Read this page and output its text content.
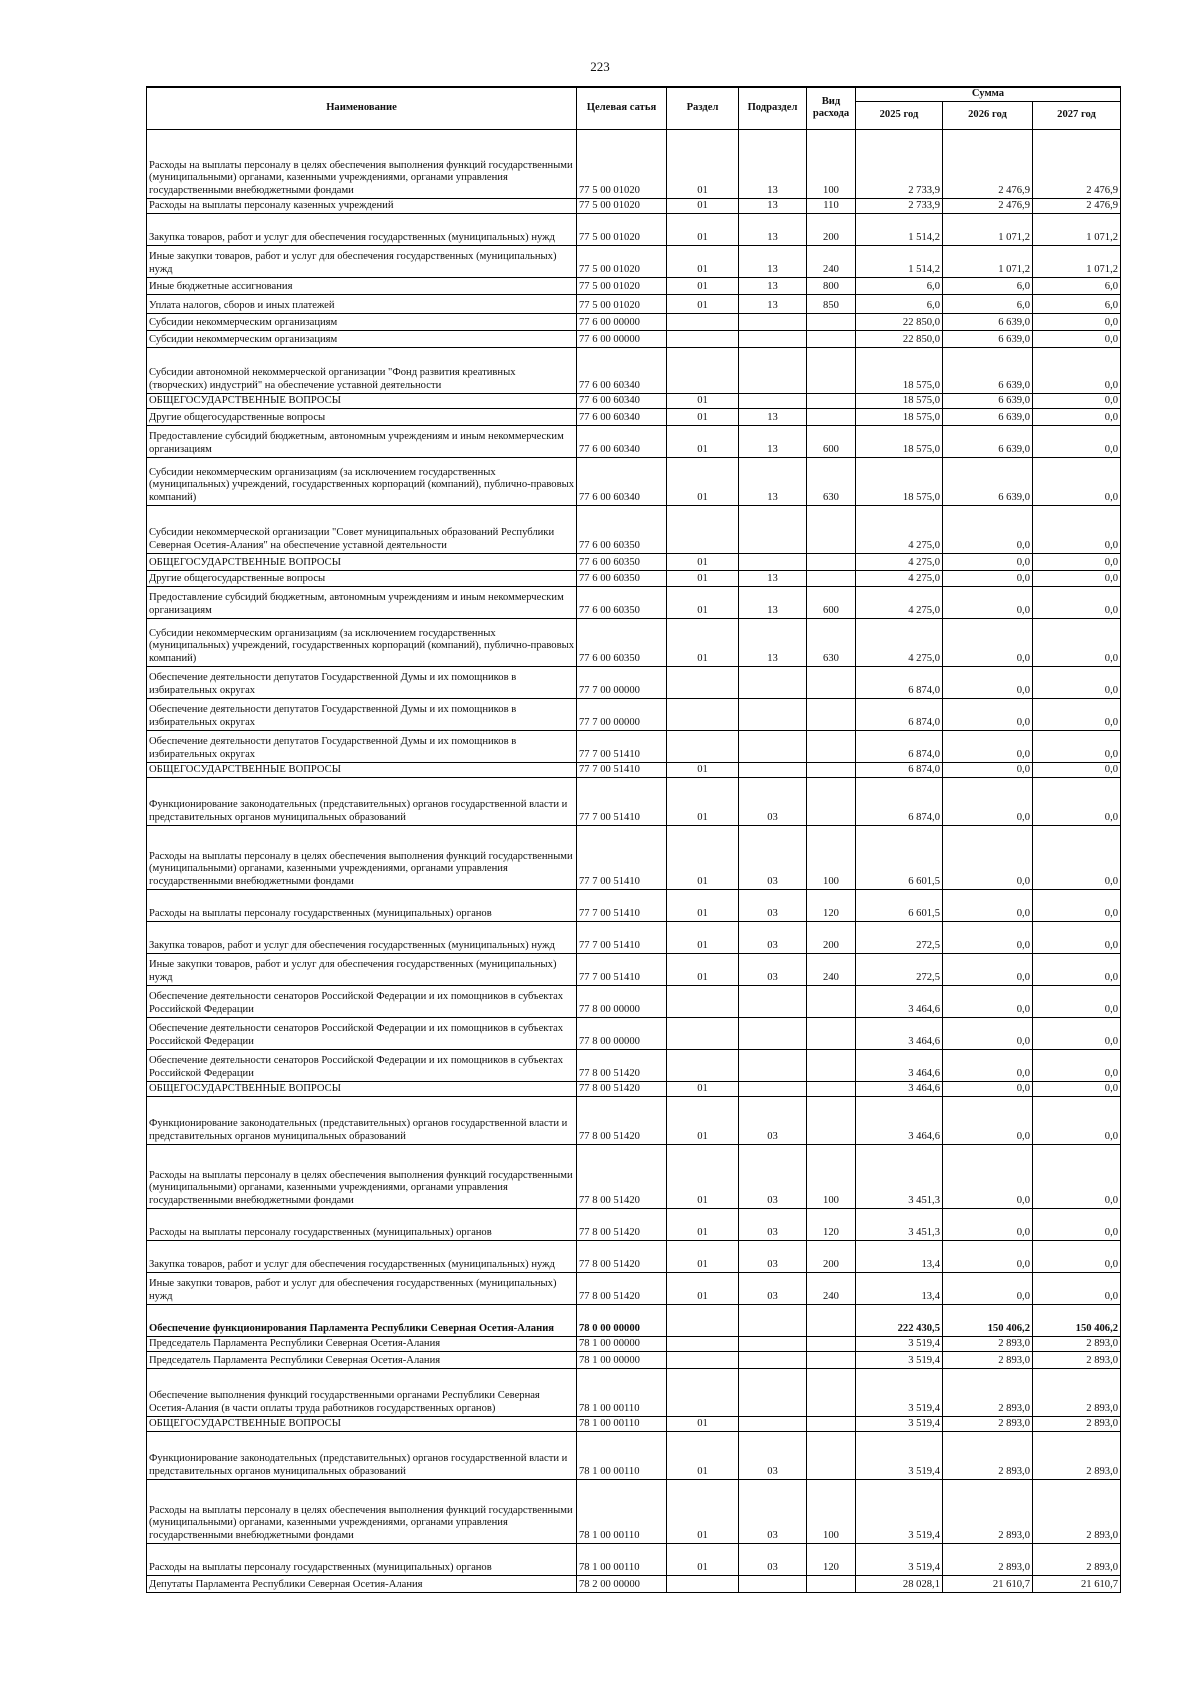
223
Наименование	Целевая сатья	Раздел	Подраздел	Вид расхода	Сумма		
					2025 год	2026 год	2027 год
Расходы на выплаты персоналу в целях обеспечения выполнения функций государственными (муниципальными) органами, казенными учреждениями, органами управления государственными внебюджетными фондами	77 5 00 01020	01	13	100	2 733,9	2 476,9	2 476,9
Расходы на выплаты персоналу казенных учреждений	77 5 00 01020	01	13	110	2 733,9	2 476,9	2 476,9
Закупка товаров, работ и услуг для обеспечения государственных (муниципальных) нужд	77 5 00 01020	01	13	200	1 514,2	1 071,2	1 071,2
Иные закупки товаров, работ и услуг для обеспечения государственных (муниципальных) нужд	77 5 00 01020	01	13	240	1 514,2	1 071,2	1 071,2
Иные бюджетные ассигнования	77 5 00 01020	01	13	800	6,0	6,0	6,0
Уплата налогов, сборов и иных платежей	77 5 00 01020	01	13	850	6,0	6,0	6,0
Субсидии некоммерческим организациям	77 6 00 00000				22 850,0	6 639,0	0,0
Субсидии некоммерческим организациям	77 6 00 00000				22 850,0	6 639,0	0,0
Субсидии автономной некоммерческой организации "Фонд развития креативных (творческих) индустрий" на обеспечение уставной деятельности	77 6 00 60340				18 575,0	6 639,0	0,0
ОБЩЕГОСУДАРСТВЕННЫЕ ВОПРОСЫ	77 6 00 60340	01			18 575,0	6 639,0	0,0
Другие общегосударственные вопросы	77 6 00 60340	01	13		18 575,0	6 639,0	0,0
Предоставление субсидий бюджетным, автономным учреждениям и иным некоммерческим организациям	77 6 00 60340	01	13	600	18 575,0	6 639,0	0,0
Субсидии некоммерческим организациям (за исключением государственных (муниципальных) учреждений, государственных корпораций (компаний), публично-правовых компаний)	77 6 00 60340	01	13	630	18 575,0	6 639,0	0,0
Субсидии некоммерческой организации "Совет муниципальных образований Республики Северная Осетия-Алания" на обеспечение уставной деятельности	77 6 00 60350				4 275,0	0,0	0,0
ОБЩЕГОСУДАРСТВЕННЫЕ ВОПРОСЫ	77 6 00 60350	01			4 275,0	0,0	0,0
Другие общегосударственные вопросы	77 6 00 60350	01	13		4 275,0	0,0	0,0
Предоставление субсидий бюджетным, автономным учреждениям и иным некоммерческим организациям	77 6 00 60350	01	13	600	4 275,0	0,0	0,0
Субсидии некоммерческим организациям (за исключением государственных (муниципальных) учреждений, государственных корпораций (компаний), публично-правовых компаний)	77 6 00 60350	01	13	630	4 275,0	0,0	0,0
Обеспечение деятельности депутатов Государственной Думы и их помощников в избирательных округах	77 7 00 00000				6 874,0	0,0	0,0
Обеспечение деятельности депутатов Государственной Думы и их помощников в избирательных округах	77 7 00 00000				6 874,0	0,0	0,0
Обеспечение деятельности депутатов Государственной Думы и их помощников в избирательных округах	77 7 00 51410				6 874,0	0,0	0,0
ОБЩЕГОСУДАРСТВЕННЫЕ ВОПРОСЫ	77 7 00 51410	01			6 874,0	0,0	0,0
Функционирование законодательных (представительных) органов государственной власти и представительных органов муниципальных образований	77 7 00 51410	01	03		6 874,0	0,0	0,0
Расходы на выплаты персоналу в целях обеспечения выполнения функций государственными (муниципальными) органами, казенными учреждениями, органами управления государственными внебюджетными фондами	77 7 00 51410	01	03	100	6 601,5	0,0	0,0
Расходы на выплаты персоналу государственных (муниципальных) органов	77 7 00 51410	01	03	120	6 601,5	0,0	0,0
Закупка товаров, работ и услуг для обеспечения государственных (муниципальных) нужд	77 7 00 51410	01	03	200	272,5	0,0	0,0
Иные закупки товаров, работ и услуг для обеспечения государственных (муниципальных) нужд	77 7 00 51410	01	03	240	272,5	0,0	0,0
Обеспечение деятельности сенаторов Российской Федерации и их помощников в субъектах Российской Федерации	77 8 00 00000				3 464,6	0,0	0,0
Обеспечение деятельности сенаторов Российской Федерации и их помощников в субъектах Российской Федерации	77 8 00 00000				3 464,6	0,0	0,0
Обеспечение деятельности сенаторов Российской Федерации и их помощников в субъектах Российской Федерации	77 8 00 51420				3 464,6	0,0	0,0
ОБЩЕГОСУДАРСТВЕННЫЕ ВОПРОСЫ	77 8 00 51420	01			3 464,6	0,0	0,0
Функционирование законодательных (представительных) органов государственной власти и представительных органов муниципальных образований	77 8 00 51420	01	03		3 464,6	0,0	0,0
Расходы на выплаты персоналу в целях обеспечения выполнения функций государственными (муниципальными) органами, казенными учреждениями, органами управления государственными внебюджетными фондами	77 8 00 51420	01	03	100	3 451,3	0,0	0,0
Расходы на выплаты персоналу государственных (муниципальных) органов	77 8 00 51420	01	03	120	3 451,3	0,0	0,0
Закупка товаров, работ и услуг для обеспечения государственных (муниципальных) нужд	77 8 00 51420	01	03	200	13,4	0,0	0,0
Иные закупки товаров, работ и услуг для обеспечения государственных (муниципальных) нужд	77 8 00 51420	01	03	240	13,4	0,0	0,0
Обеспечение функционирования Парламента Республики Северная Осетия-Алания	78 0 00 00000				222 430,5	150 406,2	150 406,2
Председатель Парламента Республики Северная Осетия-Алания	78 1 00 00000				3 519,4	2 893,0	2 893,0
Председатель Парламента Республики Северная Осетия-Алания	78 1 00 00000				3 519,4	2 893,0	2 893,0
Обеспечение выполнения функций государственными органами Республики Северная Осетия-Алания (в части оплаты труда работников государственных органов)	78 1 00 00110				3 519,4	2 893,0	2 893,0
ОБЩЕГОСУДАРСТВЕННЫЕ ВОПРОСЫ	78 1 00 00110	01			3 519,4	2 893,0	2 893,0
Функционирование законодательных (представительных) органов государственной власти и представительных органов муниципальных образований	78 1 00 00110	01	03		3 519,4	2 893,0	2 893,0
Расходы на выплаты персоналу в целях обеспечения выполнения функций государственными (муниципальными) органами, казенными учреждениями, органами управления государственными внебюджетными фондами	78 1 00 00110	01	03	100	3 519,4	2 893,0	2 893,0
Расходы на выплаты персоналу государственных (муниципальных) органов	78 1 00 00110	01	03	120	3 519,4	2 893,0	2 893,0
Депутаты Парламента Республики Северная Осетия-Алания	78 2 00 00000				28 028,1	21 610,7	21 610,7
